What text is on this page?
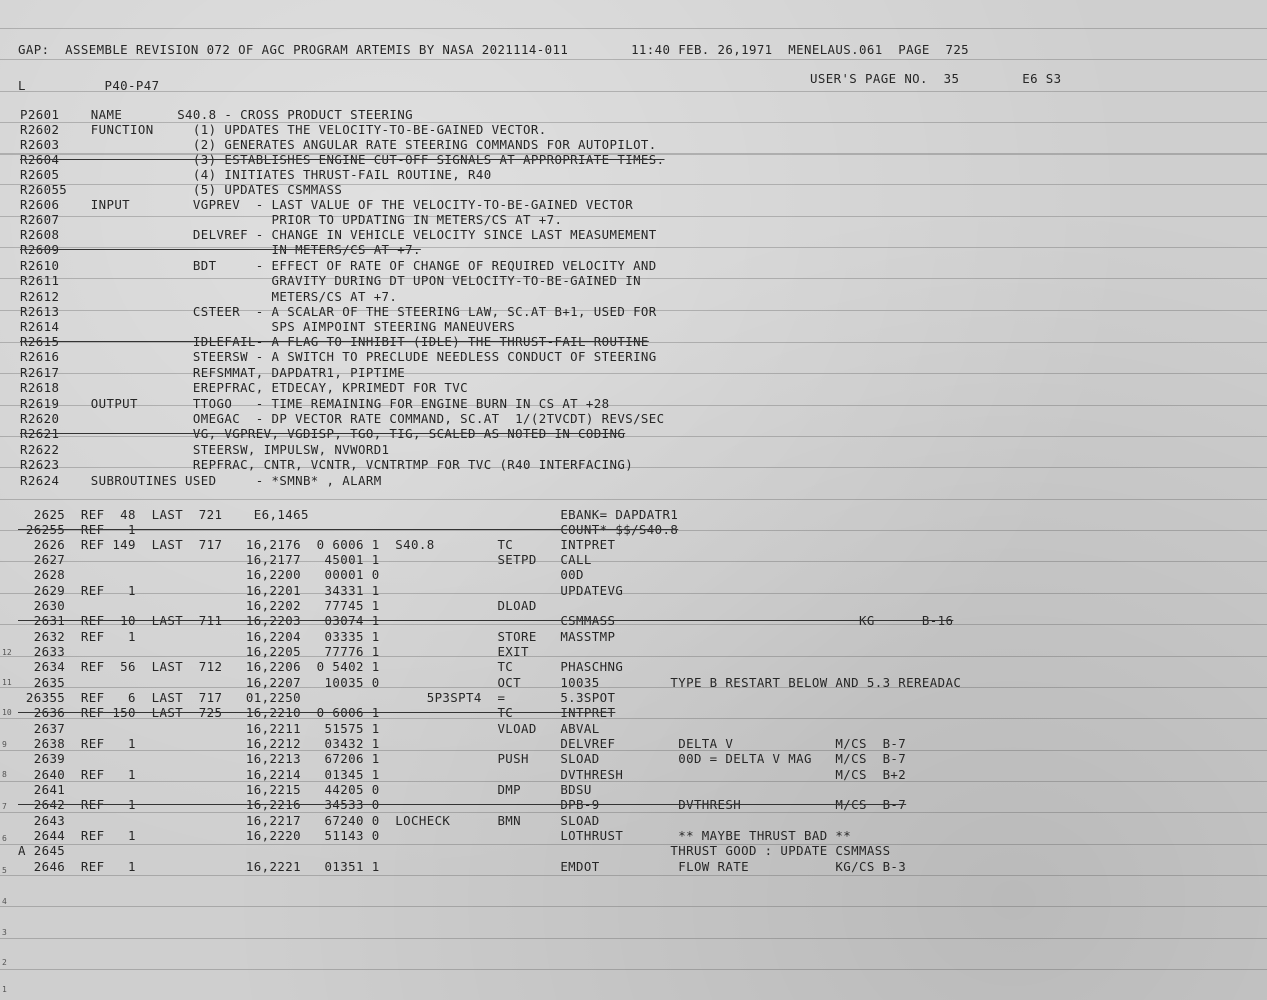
GAP:  ASSEMBLE REVISION 072 OF AGC PROGRAM ARTEMIS BY NASA 2021114-011        11:40 FEB. 26,1971  MENELAUS.061  PAGE  725
L          P40-P47	USER'S PAGE NO.  35        E6 S3
P2601    NAME       S40.8 - CROSS PRODUCT STEERING
R2602    FUNCTION     (1) UPDATES THE VELOCITY-TO-BE-GAINED VECTOR.
R2603                 (2) GENERATES ANGULAR RATE STEERING COMMANDS FOR AUTOPILOT.
R2604                 (3) ESTABLISHES ENGINE CUT-OFF SIGNALS AT APPROPRIATE TIMES.
R2605                 (4) INITIATES THRUST-FAIL ROUTINE, R40
R26055                (5) UPDATES CSMMASS
R2606    INPUT        VGPREV  - LAST VALUE OF THE VELOCITY-TO-BE-GAINED VECTOR
R2607                           PRIOR TO UPDATING IN METERS/CS AT +7.
R2608                 DELVREF - CHANGE IN VEHICLE VELOCITY SINCE LAST MEASUMEMENT
R2609                           IN METERS/CS AT +7.
R2610                 BDT     - EFFECT OF RATE OF CHANGE OF REQUIRED VELOCITY AND
R2611                           GRAVITY DURING DT UPON VELOCITY-TO-BE-GAINED IN
R2612                           METERS/CS AT +7.
R2613                 CSTEER  - A SCALAR OF THE STEERING LAW, SC.AT B+1, USED FOR
R2614                           SPS AIMPOINT STEERING MANEUVERS
R2615                 IDLEFAIL- A FLAG TO INHIBIT (IDLE) THE THRUST-FAIL ROUTINE
R2616                 STEERSW - A SWITCH TO PRECLUDE NEEDLESS CONDUCT OF STEERING
R2617                 REFSMMAT, DAPDATR1, PIPTIME
R2618                 EREPFRAC, ETDECAY, KPRIMEDT FOR TVC
R2619    OUTPUT       TTOGO   - TIME REMAINING FOR ENGINE BURN IN CS AT +28
R2620                 OMEGAC  - DP VECTOR RATE COMMAND, SC.AT  1/(2TVCDT) REVS/SEC
R2621                 VG, VGPREV, VGDISP, TGO, TIG, SCALED AS NOTED IN CODING
R2622                 STEERSW, IMPULSW, NVWORD1
R2623                 REPFRAC, CNTR, VCNTR, VCNTRTMP FOR TVC (R40 INTERFACING)
R2624    SUBROUTINES USED     - *SMNB* , ALARM
2625  REF  48  LAST  721    E6,1465                                EBANK= DAPDATR1
26255  REF   1                                                      COUNT* $$/S40.8
2626  REF 149  LAST  717   16,2176  0 6006 1  S40.8        TC      INTPRET
2627                       16,2177   45001 1               SETPD   CALL
2628                       16,2200   00001 0                       00D
2629  REF   1              16,2201   34331 1                       UPDATEVG
2630                       16,2202   77745 1               DLOAD
2631  REF  10  LAST  711   16,2203   03074 1                       CSMMASS                               KG      B-16
2632  REF   1              16,2204   03335 1               STORE   MASSTMP
2633                       16,2205   77776 1               EXIT
2634  REF  56  LAST  712   16,2206  0 5402 1               TC      PHASCHNG
2635                       16,2207   10035 0               OCT     10035         TYPE B RESTART BELOW AND 5.3 REREADAC
26355  REF   6  LAST  717   01,2250                5P3SPT4  =       5.3SPOT
2636  REF 150  LAST  725   16,2210  0 6006 1               TC      INTPRET
2637                       16,2211   51575 1               VLOAD   ABVAL
2638  REF   1              16,2212   03432 1                       DELVREF        DELTA V             M/CS  B-7
2639                       16,2213   67206 1               PUSH    SLOAD          00D = DELTA V MAG   M/CS  B-7
2640  REF   1              16,2214   01345 1                       DVTHRESH                           M/CS  B+2
2641                       16,2215   44205 0               DMP     BDSU
2642  REF   1              16,2216   34533 0                       DPB-9          DVTHRESH            M/CS  B-7
2643                       16,2217   67240 0  LOCHECK      BMN     SLOAD
2644  REF   1              16,2220   51143 0                       LOTHRUST       ** MAYBE THRUST BAD **
A 2645                                                                             THRUST GOOD : UPDATE CSMMASS
2646  REF   1              16,2221   01351 1                       EMDOT          FLOW RATE           KG/CS B-3
12
11
10
9
8
7
6
5
4
3
2
1
